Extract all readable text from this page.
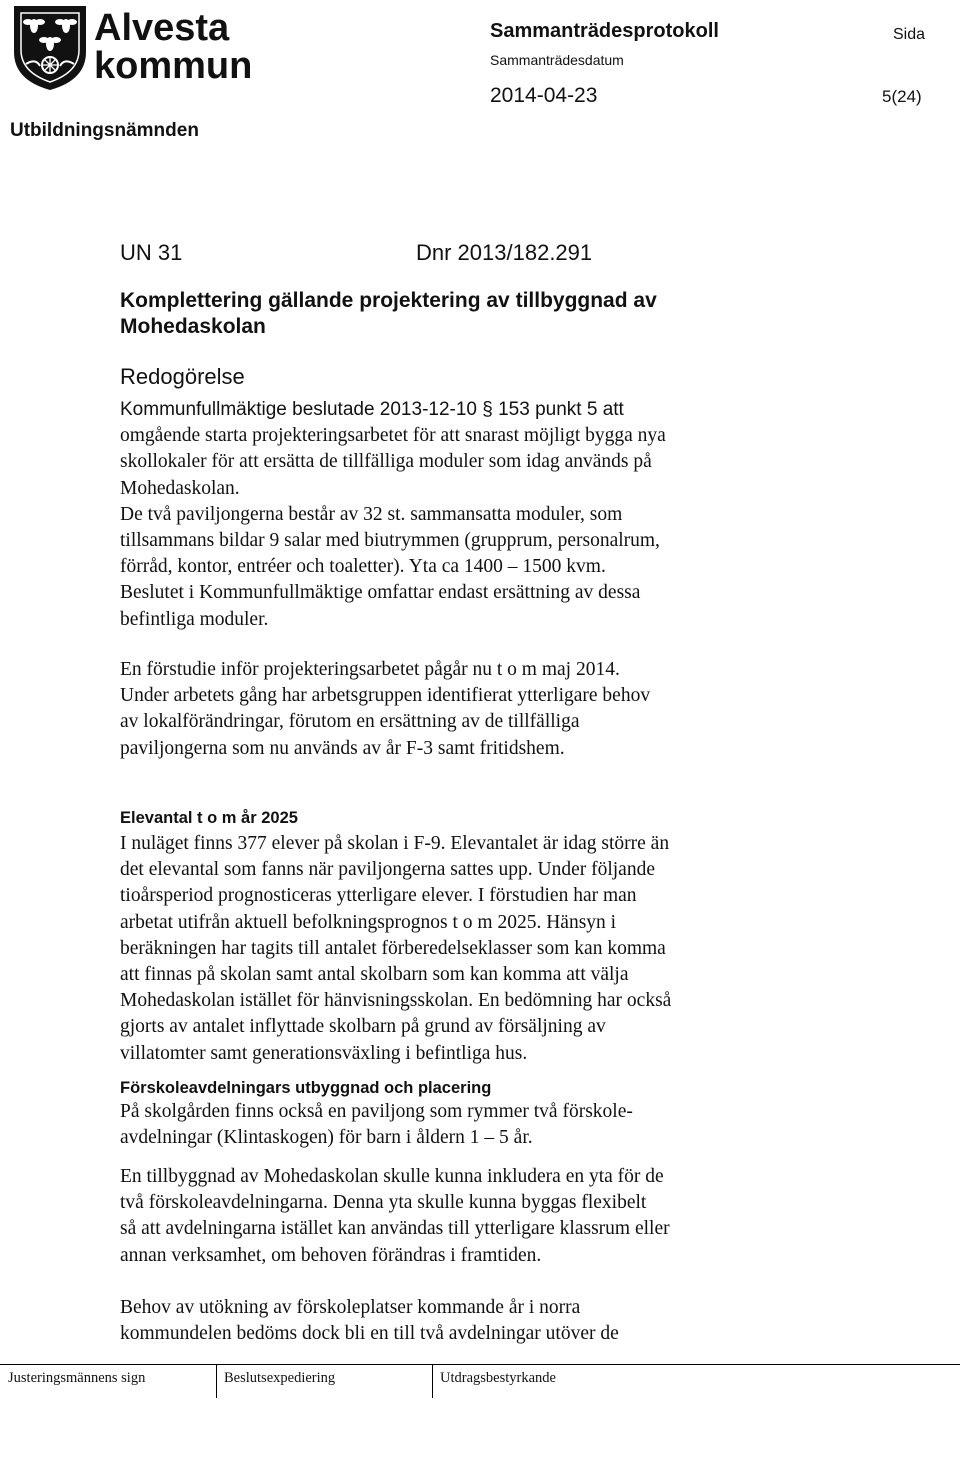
Alvesta
kommun
Sammanträdesprotokoll	Sida
Sammanträdesdatum
2014-04-23	5(24)
Utbildningsnämnden
UN 31	Dnr 2013/182.291
Komplettering gällande projektering av tillbyggnad av
Mohedaskolan
Redogörelse
Kommunfullmäktige beslutade 2013-12-10 § 153 punkt 5 att
omgående starta projekteringsarbetet för att snarast möjligt bygga nya
skollokaler för att ersätta de tillfälliga moduler som idag används på
Mohedaskolan.
De två paviljongerna består av 32 st. sammansatta moduler, som
tillsammans bildar 9 salar med biutrymmen (grupprum, personalrum,
förråd, kontor, entréer och toaletter). Yta ca 1400 – 1500 kvm.
Beslutet i Kommunfullmäktige omfattar endast ersättning av dessa
befintliga moduler.
En förstudie inför projekteringsarbetet pågår nu t o m maj 2014.
Under arbetets gång har arbetsgruppen identifierat ytterligare behov
av lokalförändringar, förutom en ersättning av de tillfälliga
paviljongerna som nu används av år F-3 samt fritidshem.
Elevantal t o m år 2025
I nuläget finns 377 elever på skolan i F-9. Elevantalet är idag större än
det elevantal som fanns när paviljongerna sattes upp. Under följande
tioårsperiod prognosticeras ytterligare elever. I förstudien har man
arbetat utifrån aktuell befolkningsprognos t o m 2025. Hänsyn i
beräkningen har tagits till antalet förberedelseklasser som kan komma
att finnas på skolan samt antal skolbarn som kan komma att välja
Mohedaskolan istället för hänvisningsskolan. En bedömning har också
gjorts av antalet inflyttade skolbarn på grund av försäljning av
villatomter samt generationsväxling i befintliga hus.
Förskoleavdelningars utbyggnad och placering
På skolgården finns också en paviljong som rymmer två förskole-
avdelningar (Klintaskogen) för barn i åldern 1 – 5 år.
En tillbyggnad av Mohedaskolan skulle kunna inkludera en yta för de
två förskoleavdelningarna. Denna yta skulle kunna byggas flexibelt
så att avdelningarna istället kan användas till ytterligare klassrum eller
annan verksamhet, om behoven förändras i framtiden.
Behov av utökning av förskoleplatser kommande år i norra
kommundelen bedöms dock bli en till två avdelningar utöver de
Justeringsmännens sign	Beslutsexpediering	Utdragsbestyrkande
